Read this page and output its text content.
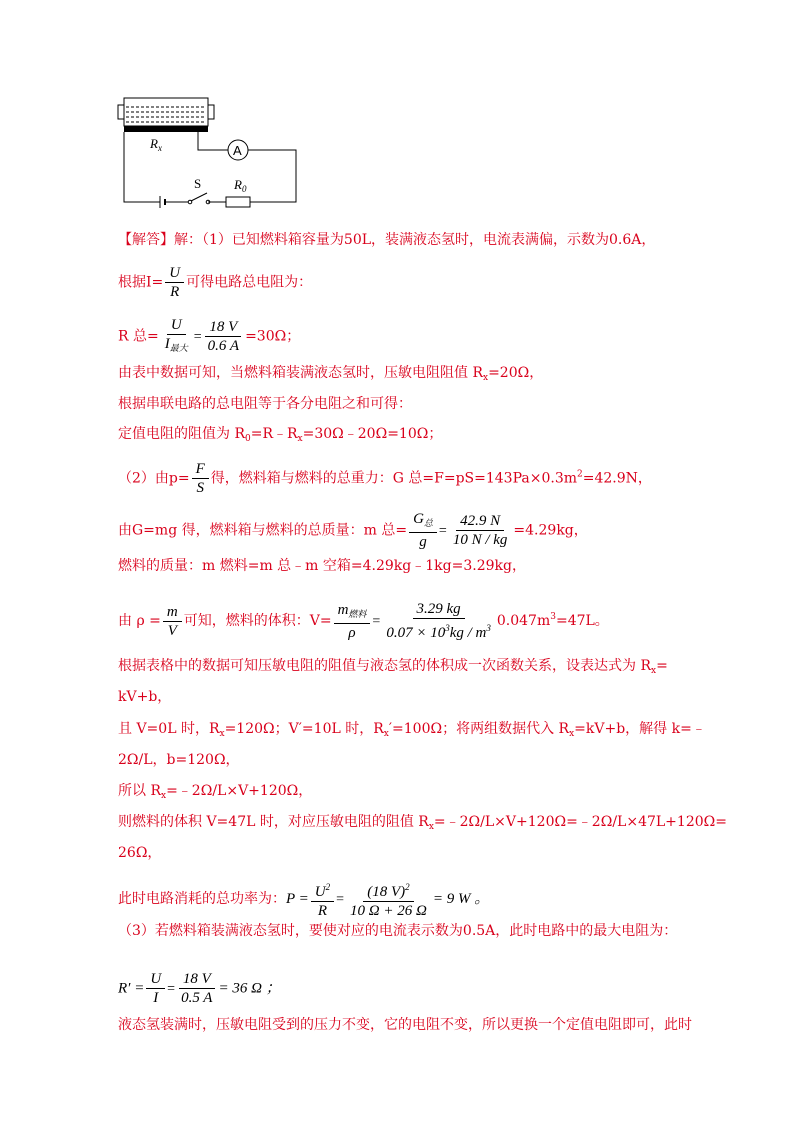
A
$R_x$
S	$R_0$
【解答】解：（1）已知燃料箱容量为50L，装满液态氢时，电流表满偏，示数为0.6A，
根据$I= \frac{U}{R}$ 可得电路总电阻为：
R 总= $\frac{U}{I_{最大}} = \frac{18 V}{0.6 A} =30\Omega$；
由表中数据可知，当燃料箱装满液态氢时，压敏电阻阻值 $R_x=20\Omega$，
根据串联电路的总电阻等于各分电阻之和可得：
定值电阻的阻值为 $R_0=R﹣R_x=30\Omega﹣20\Omega=10\Omega$；
（2）由$p= \frac{F}{S}$ 得，燃料箱与燃料的总重力：G 总$=F=pS=143Pa\times 0.3m^2=42.9N$，
由G=mg 得，燃料箱与燃料的总质量：m 总= $\frac{G_总}{g} = \frac{42.9 N}{10 N / kg} =4.29kg$，
燃料的质量：m 燃料=m 总﹣m 空箱=4.29kg﹣1kg=3.29kg，
由 $\rho = \frac{m}{V}$ 可知，燃料的体积：$V= \frac{m_{燃料}}{\rho} = \frac{3.29 kg}{0.07 \times 10^3kg / m^3} 0.047m^3=47L$。
根据表格中的数据可知压敏电阻的阻值与液态氢的体积成一次函数关系，设表达式为 $R_x=$
kV+b，
且 V=0L 时，$R_x=120\Omega$；V′=10L 时，$R_x'=100\Omega$；将两组数据代入 $R_x=kV+b$，解得 k=﹣
2Ω/L，b=120Ω，
所以 $R_x=﹣2\Omega/L\times V+120\Omega$，
则燃料的体积 V=47L 时，对应压敏电阻的阻值 $R_x=﹣2\Omega/L\times V+120\Omega=﹣2\Omega/L\times 47L+120\Omega=$
26Ω，
此时电路消耗的总功率为：$P = \frac{U^2}{R} = \frac{(18 V)^2}{10 \Omega + 26 \Omega} = 9$ W 。
（3）若燃料箱装满液态氢时，要使对应的电流表示数为0.5A，此时电路中的最大电阻为：
$R' = \frac{U}{I} = \frac{18 V}{0.5 A} = 36$ Ω ；
液态氢装满时，压敏电阻受到的压力不变，它的电阻不变，所以更换一个定值电阻即可，此时
